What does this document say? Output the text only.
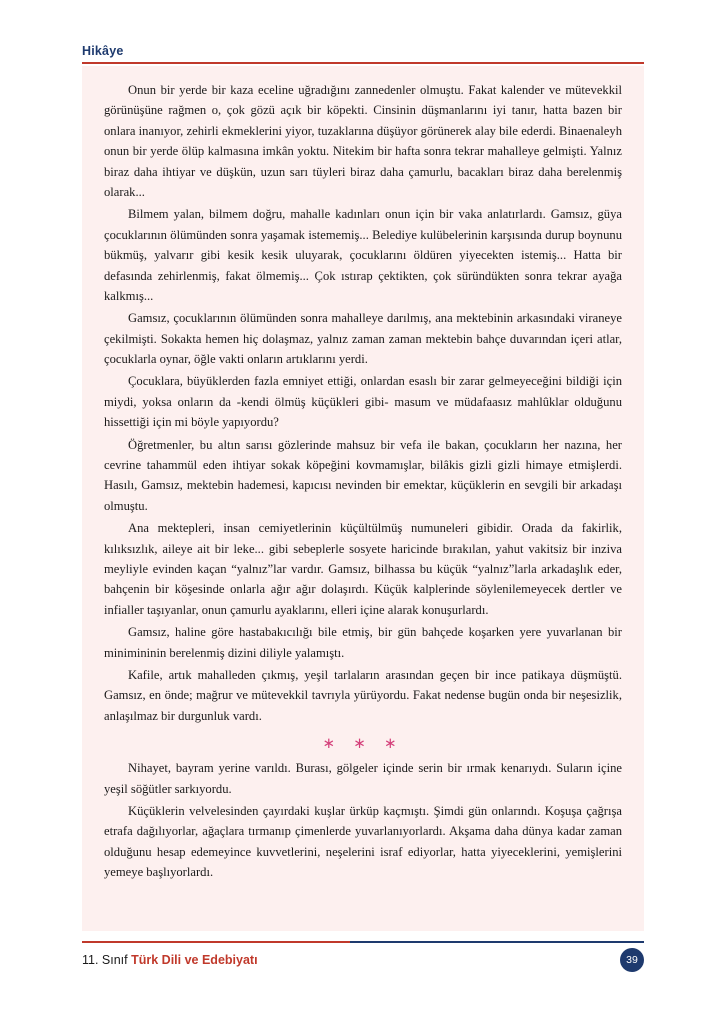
Hikâye

Onun bir yerde bir kaza eceline uğradığını zannedenler olmuştu. Fakat kalender ve mütevekkil görünüşüne rağmen o, çok gözü açık bir köpekti. Cinsinin düşmanlarını iyi tanır, hatta bazen bir onlara inanıyor, zehirli ekmeklerini yiyor, tuzaklarına düşüyor görünerek alay bile ederdi. Binaenaleyh onun bir yerde ölüp kalmasına imkân yoktu. Nitekim bir hafta sonra tekrar mahalleye gelmişti. Yalnız biraz daha ihtiyar ve düşkün, uzun sarı tüyleri biraz daha çamurlu, bacakları biraz daha berelenmiş olarak...

Bilmem yalan, bilmem doğru, mahalle kadınları onun için bir vaka anlatırlardı. Gamsız, güya çocuklarının ölümünden sonra yaşamak istememiş... Belediye kulübelerinin karşısında durup boynunu bükmüş, yalvarır gibi kesik kesik uluyarak, çocuklarını öldüren yiyecekten istemiş... Hatta bir defasında zehirlenmiş, fakat ölmemiş... Çok ıstırap çektikten, çok süründükten sonra tekrar ayağa kalkmış...

Gamsız, çocuklarının ölümünden sonra mahalleye darılmış, ana mektebinin arkasındaki viraneye çekilmişti. Sokakta hemen hiç dolaşmaz, yalnız zaman zaman mektebin bahçe duvarından içeri atlar, çocuklarla oynar, öğle vakti onların artıklarını yerdi.

Çocuklara, büyüklerden fazla emniyet ettiği, onlardan esaslı bir zarar gelmeyeceğini bildiği için miydi, yoksa onların da -kendi ölmüş küçükleri gibi- masum ve müdafaasız mahlûklar olduğunu hissettiği için mi böyle yapıyordu?

Öğretmenler, bu altın sarısı gözlerinde mahsuz bir vefa ile bakan, çocukların her nazına, her cevrine tahammül eden ihtiyar sokak köpeğini kovmamışlar, bilâkis gizli gizli himaye etmişlerdi. Hasılı, Gamsız, mektebin hademesi, kapıcısı nevinden bir emektar, küçüklerin en sevgili bir arkadaşı olmuştu.

Ana mektepleri, insan cemiyetlerinin küçültülmüş numuneleri gibidir. Orada da fakirlik, kılıksızlık, aileye ait bir leke... gibi sebeplerle sosyete haricinde bırakılan, yahut vakitsiz bir inziva meyliyle evinden kaçan “yalnız”lar vardır. Gamsız, bilhassa bu küçük “yalnız”larla arkadaşlık eder, bahçenin bir köşesinde onlarla ağır ağır dolaşırdı. Küçük kalplerinde söylenilemeyecek dertler ve infialler taşıyanlar, onun çamurlu ayaklarını, elleri içine alarak konuşurlardı.

Gamsız, haline göre hastabakıcılığı bile etmiş, bir gün bahçede koşarken yere yuvarlanan bir minimininin berelenmiş dizini diliyle yalamıştı.

Kafile, artık mahalleden çıkmış, yeşil tarlaların arasından geçen bir ince patikaya düşmüştü. Gamsız, en önde; mağrur ve mütevekkil tavrıyla yürüyordu. Fakat nedense bugün onda bir neşesizlik, anlaşılmaz bir durgunluk vardı.

∗ ∗ ∗

Nihayet, bayram yerine varıldı. Burası, gölgeler içinde serin bir ırmak kenarıydı. Suların içine yeşil söğütler sarkıyordu.

Küçüklerin velvelesinden çayırdaki kuşlar ürküp kaçmıştı. Şimdi gün onlarındı. Koşuşa çağrışa etrafa dağılıyorlar, ağaçlara tırmanıp çimenlerde yuvarlanıyorlardı. Akşama daha dünya kadar zaman olduğunu hesap edemeyince kuvvetlerini, neşelerini israf ediyorlar, hatta yiyeceklerini, yemişlerini yemeye başlıyorlardı.

11. Sınıf Türk Dili ve Edebiyatı	39
